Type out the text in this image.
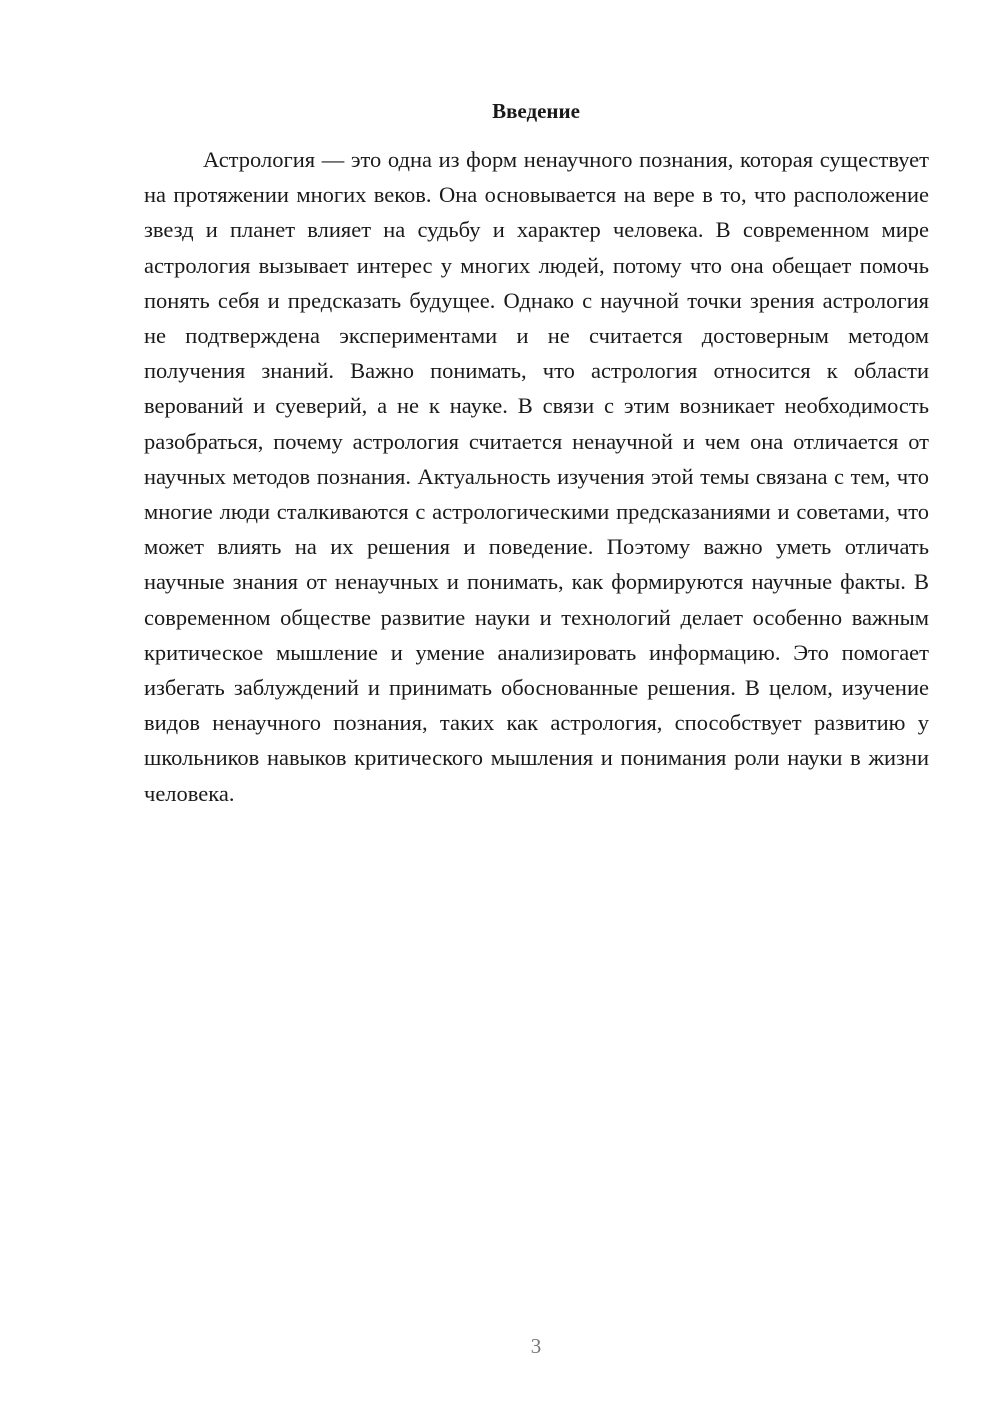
Введение

Астрология — это одна из форм ненаучного познания, которая существует на протяжении многих веков. Она основывается на вере в то, что расположение звезд и планет влияет на судьбу и характер человека. В современном мире астрология вызывает интерес у многих людей, потому что она обещает помочь понять себя и предсказать будущее. Однако с научной точки зрения астрология не подтверждена экспериментами и не считается достоверным методом получения знаний. Важно понимать, что астрология относится к области верований и суеверий, а не к науке. В связи с этим возникает необходимость разобраться, почему астрология считается ненаучной и чем она отличается от научных методов познания. Актуальность изучения этой темы связана с тем, что многие люди сталкиваются с астрологическими предсказаниями и советами, что может влиять на их решения и поведение. Поэтому важно уметь отличать научные знания от ненаучных и понимать, как формируются научные факты. В современном обществе развитие науки и технологий делает особенно важным критическое мышление и умение анализировать информацию. Это помогает избегать заблуждений и принимать обоснованные решения. В целом, изучение видов ненаучного познания, таких как астрология, способствует развитию у школьников навыков критического мышления и понимания роли науки в жизни человека.

3
